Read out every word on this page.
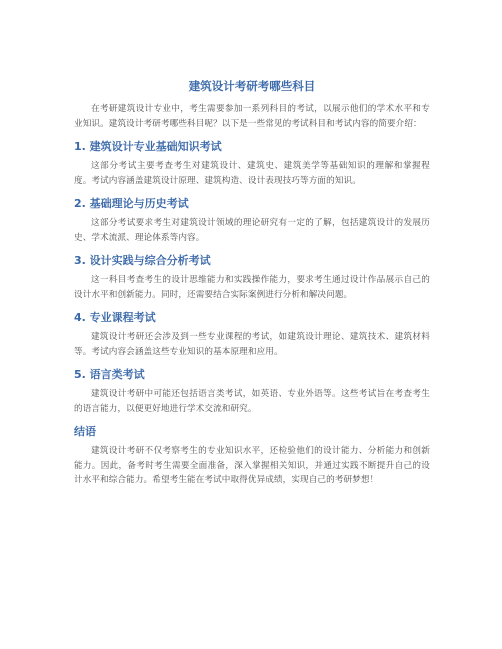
建筑设计考研考哪些科目

在考研建筑设计专业中，考生需要参加一系列科目的考试，以展示他们的学术水平和专业知识。建筑设计考研考哪些科目呢？以下是一些常见的考试科目和考试内容的简要介绍：

1. 建筑设计专业基础知识考试

这部分考试主要考查考生对建筑设计、建筑史、建筑美学等基础知识的理解和掌握程度。考试内容涵盖建筑设计原理、建筑构造、设计表现技巧等方面的知识。

2. 基础理论与历史考试

这部分考试要求考生对建筑设计领域的理论研究有一定的了解，包括建筑设计的发展历史、学术流派、理论体系等内容。

3. 设计实践与综合分析考试

这一科目考查考生的设计思维能力和实践操作能力，要求考生通过设计作品展示自己的设计水平和创新能力。同时，还需要结合实际案例进行分析和解决问题。

4. 专业课程考试

建筑设计考研还会涉及到一些专业课程的考试，如建筑设计理论、建筑技术、建筑材料等。考试内容会涵盖这些专业知识的基本原理和应用。

5. 语言类考试

建筑设计考研中可能还包括语言类考试，如英语、专业外语等。这些考试旨在考查考生的语言能力，以便更好地进行学术交流和研究。

结语

建筑设计考研不仅考察考生的专业知识水平，还检验他们的设计能力、分析能力和创新能力。因此，备考时考生需要全面准备，深入掌握相关知识，并通过实践不断提升自己的设计水平和综合能力。希望考生能在考试中取得优异成绩，实现自己的考研梦想！
